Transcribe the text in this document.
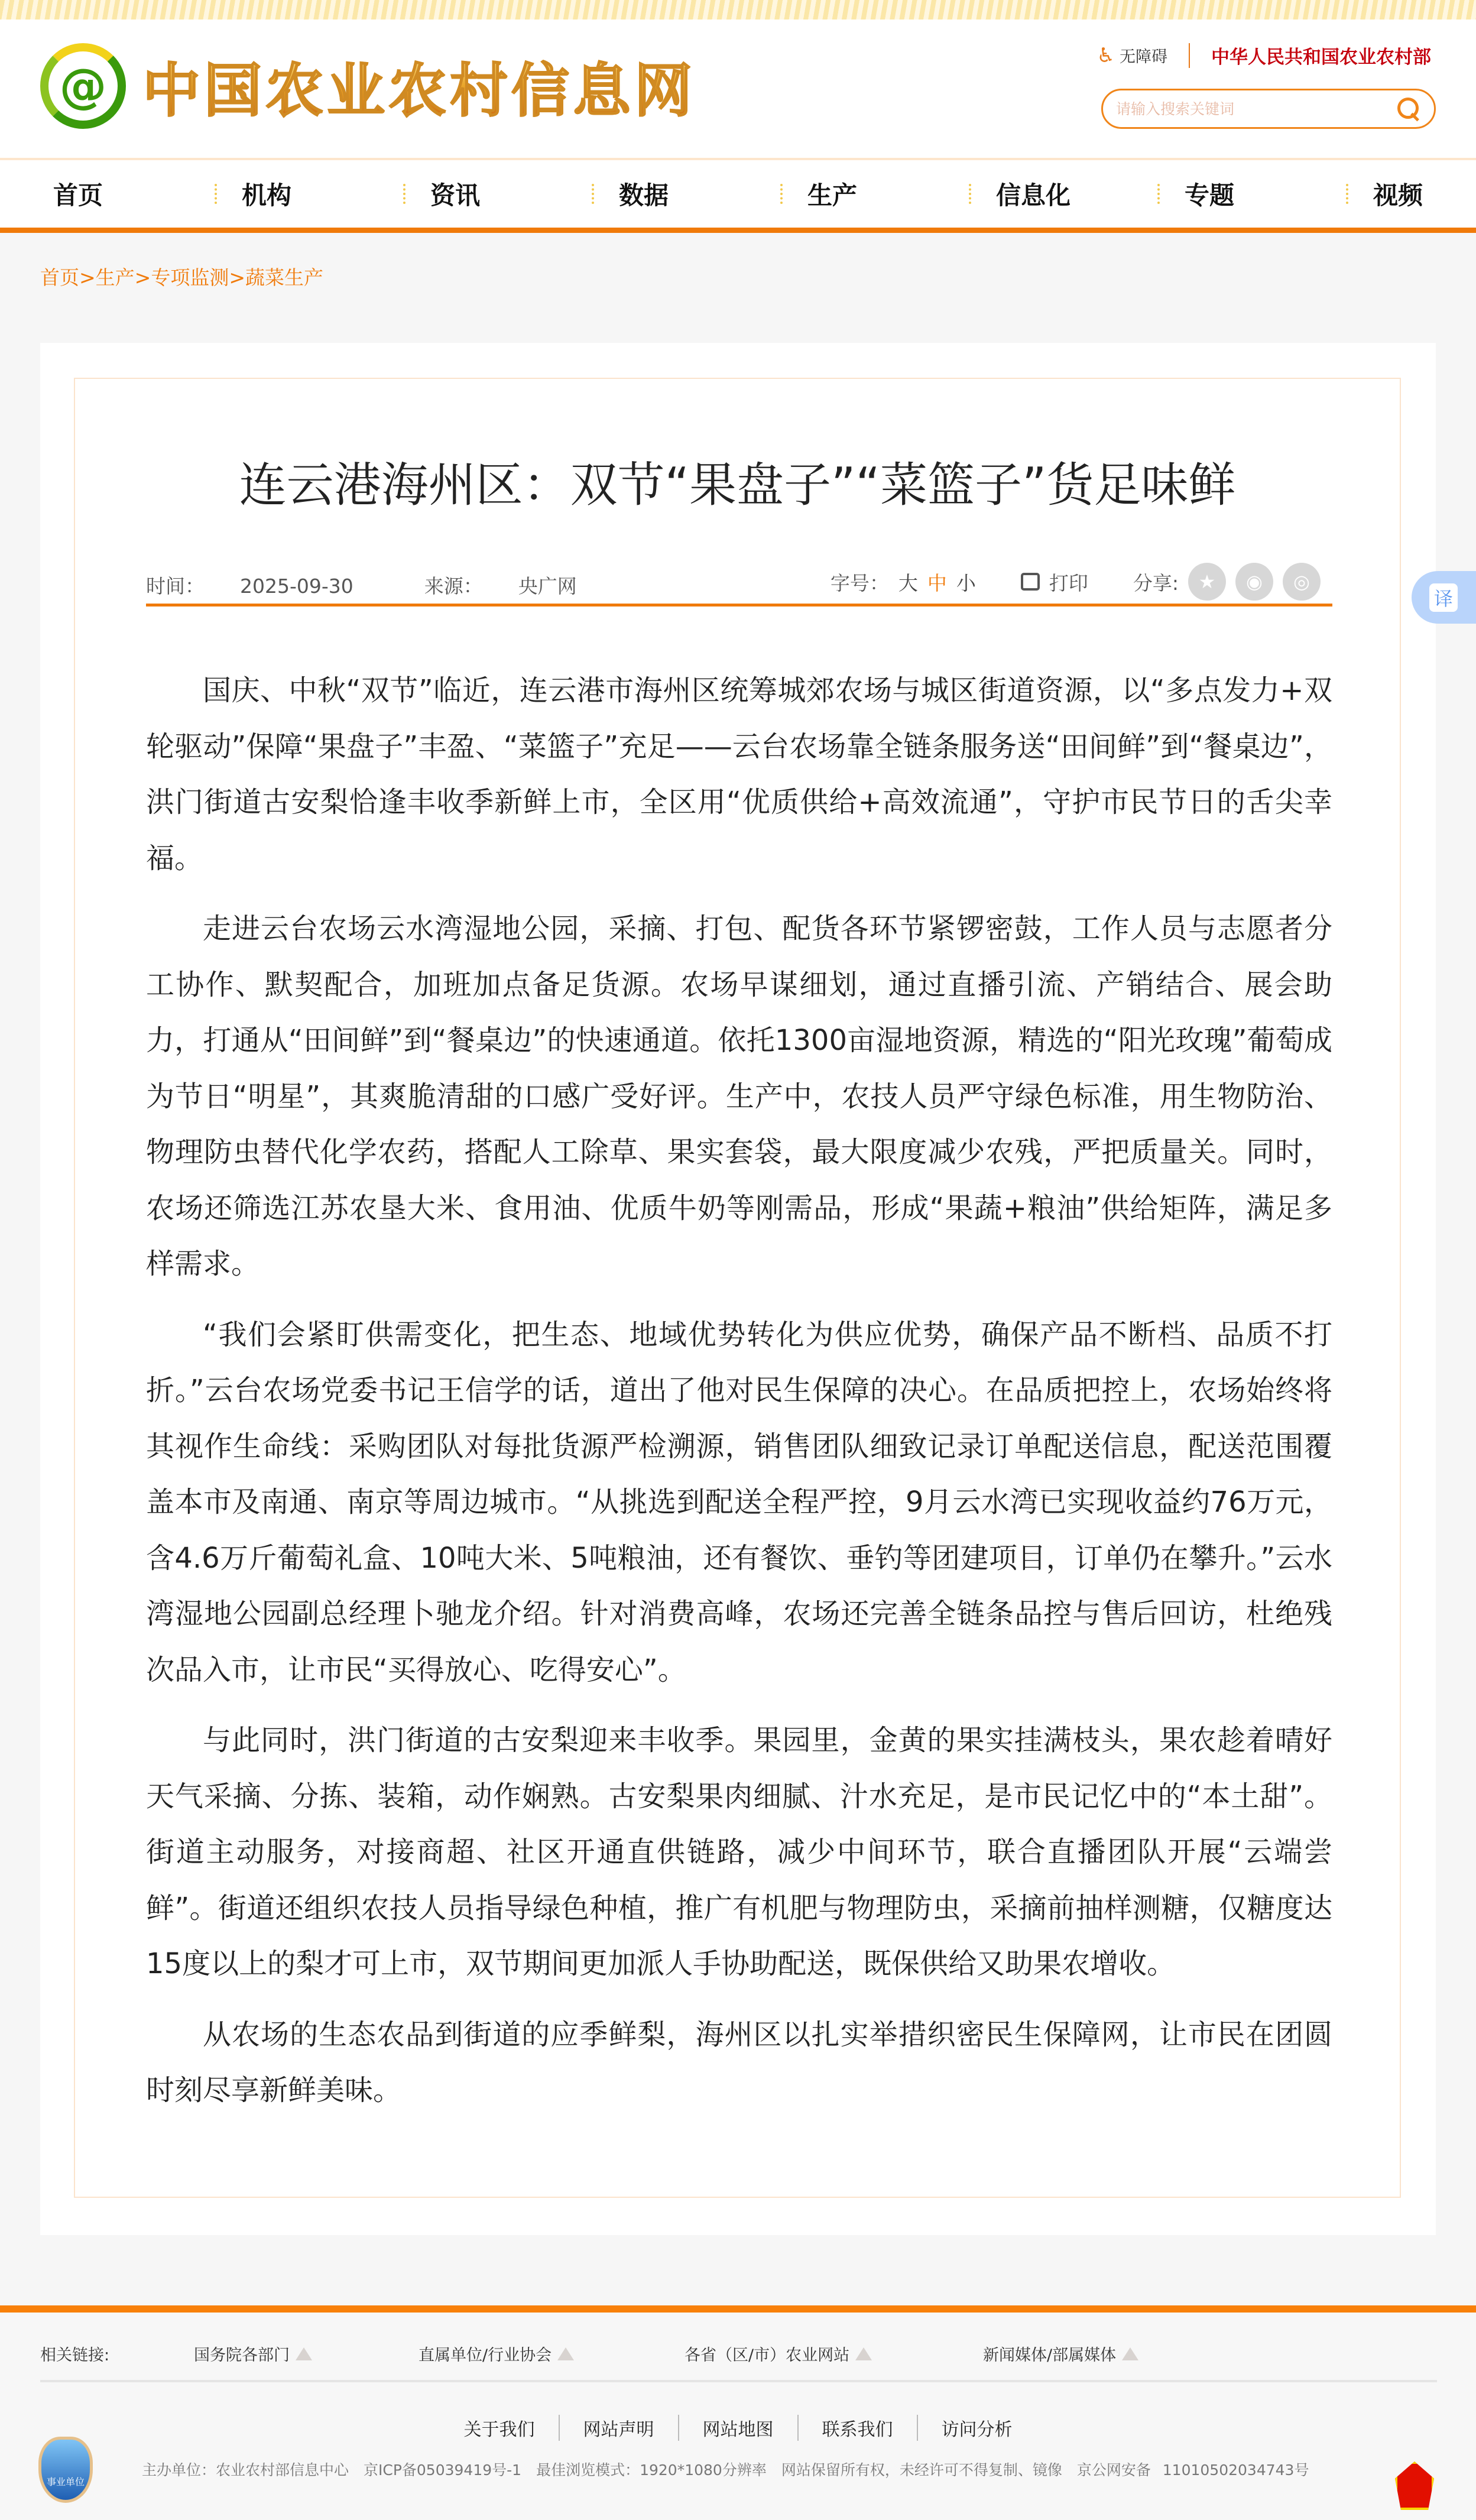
@ 中国农业农村信息网
♿ 无障碍 中华人民共和国农业农村部
请输入搜索关键词
首页	机构	资讯	数据	生产	信息化	专题	视频
首页>生产>专项监测>蔬菜生产
连云港海州区：双节“果盘子”“菜篮子”货足味鲜
时间： 2025-09-30	来源： 央广网	字号： 大 中 小	打印 分享:	★	◉	◎

国庆、中秋“双节”临近，连云港市海州区统筹城郊农场与城区街道资源，以“多点发力+双轮驱动”保障“果盘子”丰盈、“菜篮子”充足——云台农场靠全链条服务送“田间鲜”到“餐桌边”，洪门街道古安梨恰逢丰收季新鲜上市，全区用“优质供给+高效流通”，守护市民节日的舌尖幸福。

走进云台农场云水湾湿地公园，采摘、打包、配货各环节紧锣密鼓，工作人员与志愿者分工协作、默契配合，加班加点备足货源。农场早谋细划，通过直播引流、产销结合、展会助力，打通从“田间鲜”到“餐桌边”的快速通道。依托1300亩湿地资源，精选的“阳光玫瑰”葡萄成为节日“明星”，其爽脆清甜的口感广受好评。生产中，农技人员严守绿色标准，用生物防治、物理防虫替代化学农药，搭配人工除草、果实套袋，最大限度减少农残，严把质量关。同时，农场还筛选江苏农垦大米、食用油、优质牛奶等刚需品，形成“果蔬+粮油”供给矩阵，满足多样需求。

“我们会紧盯供需变化，把生态、地域优势转化为供应优势，确保产品不断档、品质不打折。”云台农场党委书记王信学的话，道出了他对民生保障的决心。在品质把控上，农场始终将其视作生命线：采购团队对每批货源严检溯源，销售团队细致记录订单配送信息，配送范围覆盖本市及南通、南京等周边城市。“从挑选到配送全程严控，9月云水湾已实现收益约76万元，含4.6万斤葡萄礼盒、10吨大米、5吨粮油，还有餐饮、垂钓等团建项目，订单仍在攀升。”云水湾湿地公园副总经理卜驰龙介绍。针对消费高峰，农场还完善全链条品控与售后回访，杜绝残次品入市，让市民“买得放心、吃得安心”。

与此同时，洪门街道的古安梨迎来丰收季。果园里，金黄的果实挂满枝头，果农趁着晴好天气采摘、分拣、装箱，动作娴熟。古安梨果肉细腻、汁水充足，是市民记忆中的“本土甜”。街道主动服务，对接商超、社区开通直供链路，减少中间环节，联合直播团队开展“云端尝鲜”。街道还组织农技人员指导绿色种植，推广有机肥与物理防虫，采摘前抽样测糖，仅糖度达15度以上的梨才可上市，双节期间更加派人手协助配送，既保供给又助果农增收。

从农场的生态农品到街道的应季鲜梨，海州区以扎实举措织密民生保障网，让市民在团圆时刻尽享新鲜美味。

译
相关链接:	国务院各部门	直属单位/行业协会	各省（区/市）农业网站	新闻媒体/部属媒体
关于我们	网站声明	网站地图	联系我们	访问分析
事业单位
主办单位：农业农村部信息中心　京ICP备05039419号-1　最佳浏览模式：1920*1080分辨率　网站保留所有权，未经许可不得复制、镜像　京公网安备 11010502034743号
